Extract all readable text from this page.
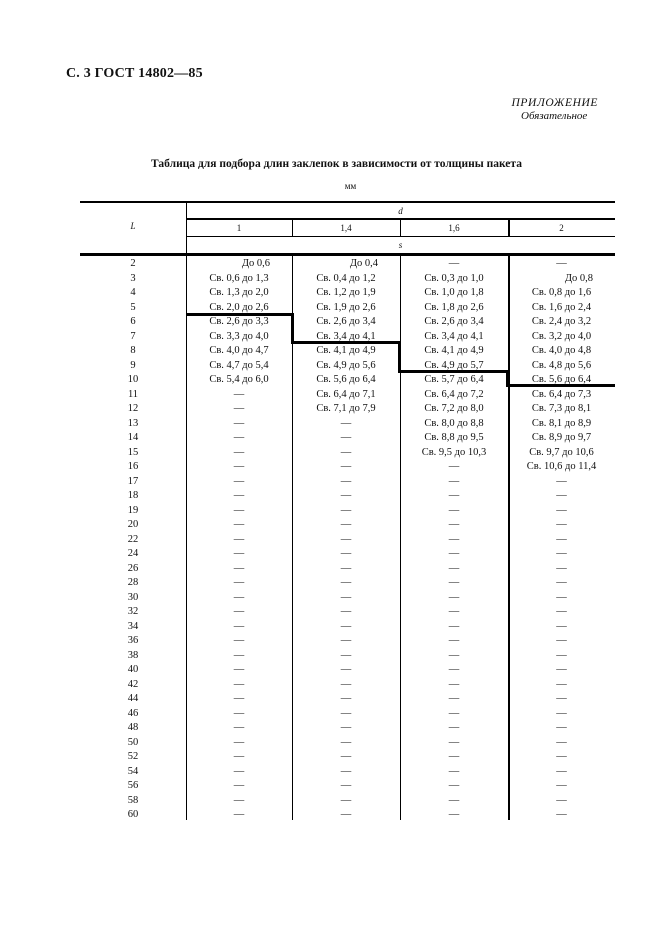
С. 3 ГОСТ 14802—85
ПРИЛОЖЕНИЕ
Обязательное
Таблица для подбора длин заклепок в зависимости от толщины пакета
мм
L
d
s
1	1,4	1,6	2
2	До 0,6	До 0,4	—	—
3	Св. 0,6 до 1,3	Св. 0,4 до 1,2	Св. 0,3 до 1,0	До 0,8
4	Св. 1,3 до 2,0	Св. 1,2 до 1,9	Св. 1,0 до 1,8	Св. 0,8 до 1,6
5	Св. 2,0 до 2,6	Св. 1,9 до 2,6	Св. 1,8 до 2,6	Св. 1,6 до 2,4
6	Св. 2,6 до 3,3	Св. 2,6 до 3,4	Св. 2,6 до 3,4	Св. 2,4 до 3,2
7	Св. 3,3 до 4,0	Св. 3,4 до 4,1	Св. 3,4 до 4,1	Св. 3,2 до 4,0
8	Св. 4,0 до 4,7	Св. 4,1 до 4,9	Св. 4,1 до 4,9	Св. 4,0 до 4,8
9	Св. 4,7 до 5,4	Св. 4,9 до 5,6	Св. 4,9 до 5,7	Св. 4,8 до 5,6
10	Св. 5,4 до 6,0	Св. 5,6 до 6,4	Св. 5,7 до 6,4	Св. 5,6 до 6,4
11	—	Св. 6,4 до 7,1	Св. 6,4 до 7,2	Св. 6,4 до 7,3
12	—	Св. 7,1 до 7,9	Св. 7,2 до 8,0	Св. 7,3 до 8,1
13	—	—	Св. 8,0 до 8,8	Св. 8,1 до 8,9
14	—	—	Св. 8,8 до 9,5	Св. 8,9 до 9,7
15	—	—	Св. 9,5 до 10,3	Св. 9,7 до 10,6
16	—	—	—	Св. 10,6 до 11,4
17	—	—	—	—
18	—	—	—	—
19	—	—	—	—
20	—	—	—	—
22	—	—	—	—
24	—	—	—	—
26	—	—	—	—
28	—	—	—	—
30	—	—	—	—
32	—	—	—	—
34	—	—	—	—
36	—	—	—	—
38	—	—	—	—
40	—	—	—	—
42	—	—	—	—
44	—	—	—	—
46	—	—	—	—
48	—	—	—	—
50	—	—	—	—
52	—	—	—	—
54	—	—	—	—
56	—	—	—	—
58	—	—	—	—
60	—	—	—	—
